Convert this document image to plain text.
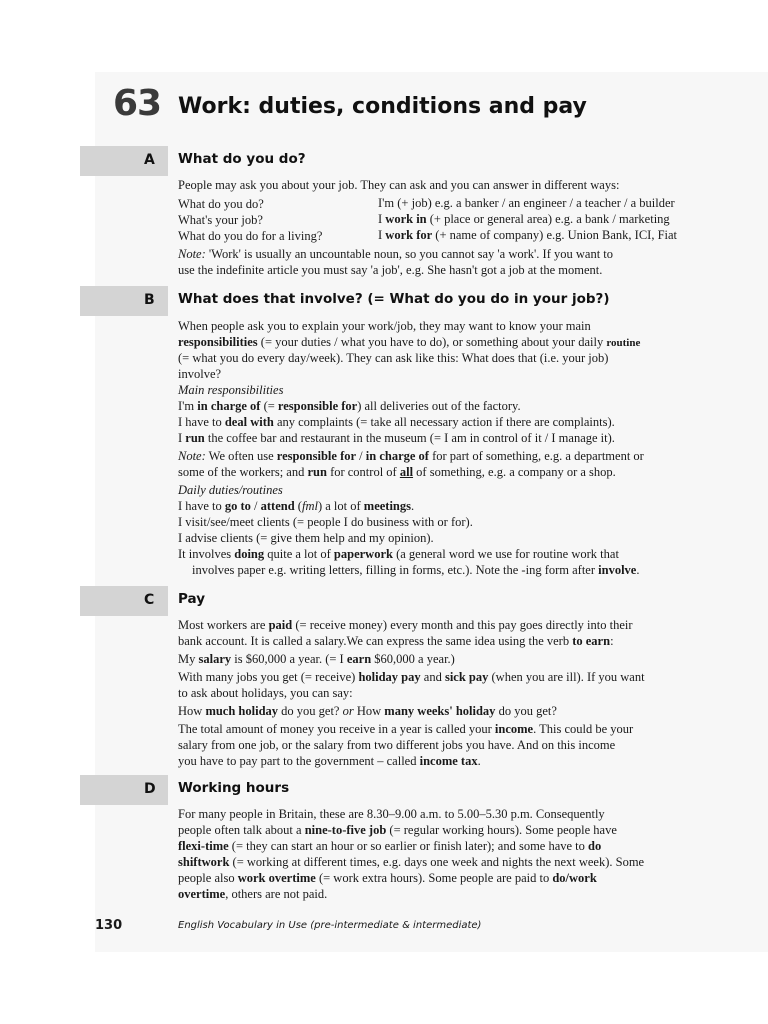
63 Work: duties, conditions and pay
A What do you do?
People may ask you about your job. They can ask and you can answer in different ways:
What do you do?	I'm (+ job) e.g. a banker / an engineer / a teacher / a builder
What's your job?	I work in (+ place or general area) e.g. a bank / marketing
What do you do for a living?	I work for (+ name of company) e.g. Union Bank, ICI, Fiat
Note: 'Work' is usually an uncountable noun, so you cannot say 'a work'. If you want to
use the indefinite article you must say 'a job', e.g. She hasn't got a job at the moment.
B What does that involve? (= What do you do in your job?)
When people ask you to explain your work/job, they may want to know your main
responsibilities (= your duties / what you have to do), or something about your daily routine
(= what you do every day/week). They can ask like this: What does that (i.e. your job)
involve?
Main responsibilities
I'm in charge of (= responsible for) all deliveries out of the factory.
I have to deal with any complaints (= take all necessary action if there are complaints).
I run the coffee bar and restaurant in the museum (= I am in control of it / I manage it).
Note: We often use responsible for / in charge of for part of something, e.g. a department or
some of the workers; and run for control of all of something, e.g. a company or a shop.
Daily duties/routines
I have to go to / attend (fml) a lot of meetings.
I visit/see/meet clients (= people I do business with or for).
I advise clients (= give them help and my opinion).
It involves doing quite a lot of paperwork (a general word we use for routine work that
involves paper e.g. writing letters, filling in forms, etc.). Note the -ing form after involve.
C Pay
Most workers are paid (= receive money) every month and this pay goes directly into their
bank account. It is called a salary.We can express the same idea using the verb to earn:
My salary is $60,000 a year. (= I earn $60,000 a year.)
With many jobs you get (= receive) holiday pay and sick pay (when you are ill). If you want
to ask about holidays, you can say:
How much holiday do you get? or How many weeks' holiday do you get?
The total amount of money you receive in a year is called your income. This could be your
salary from one job, or the salary from two different jobs you have. And on this income
you have to pay part to the government – called income tax.
D Working hours
For many people in Britain, these are 8.30–9.00 a.m. to 5.00–5.30 p.m. Consequently
people often talk about a nine-to-five job (= regular working hours). Some people have
flexi-time (= they can start an hour or so earlier or finish later); and some have to do
shiftwork (= working at different times, e.g. days one week and nights the next week). Some
people also work overtime (= work extra hours). Some people are paid to do/work
overtime, others are not paid.
130	English Vocabulary in Use (pre-intermediate & intermediate)
